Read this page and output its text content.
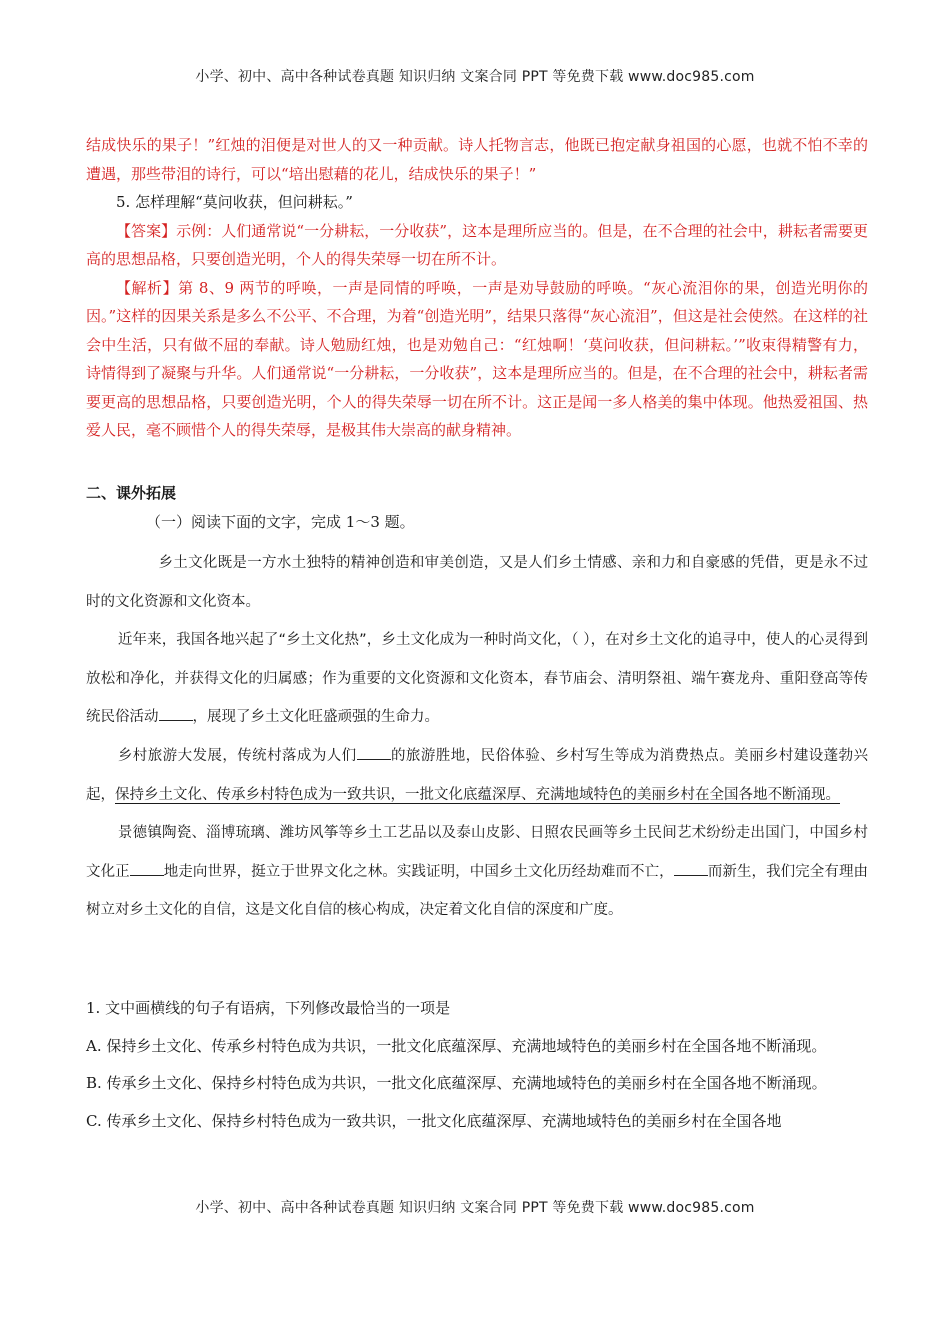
小学、初中、高中各种试卷真题 知识归纳 文案合同 PPT 等免费下载 www.doc985.com

结成快乐的果子！”红烛的泪便是对世人的又一种贡献。诗人托物言志，他既已抱定献身祖国的心愿，也就不怕不幸的遭遇，那些带泪的诗行，可以“培出慰藉的花儿，结成快乐的果子！”

5. 怎样理解“莫问收获，但问耕耘。”

【答案】示例：人们通常说“一分耕耘，一分收获”，这本是理所应当的。但是，在不合理的社会中，耕耘者需要更高的思想品格，只要创造光明，个人的得失荣辱一切在所不计。

【解析】第 8、9 两节的呼唤，一声是同情的呼唤，一声是劝导鼓励的呼唤。“灰心流泪你的果，创造光明你的因。”这样的因果关系是多么不公平、不合理，为着“创造光明”，结果只落得“灰心流泪”，但这是社会使然。在这样的社会中生活，只有做不屈的奉献。诗人勉励红烛，也是劝勉自己：“红烛啊！‘莫问收获，但问耕耘。’”收束得精警有力，诗情得到了凝聚与升华。人们通常说“一分耕耘，一分收获”，这本是理所应当的。但是，在不合理的社会中，耕耘者需要更高的思想品格，只要创造光明，个人的得失荣辱一切在所不计。这正是闻一多人格美的集中体现。他热爱祖国、热爱人民，毫不顾惜个人的得失荣辱，是极其伟大崇高的献身精神。

二、课外拓展

（一）阅读下面的文字，完成 1～3 题。

乡土文化既是一方水土独特的精神创造和审美创造，又是人们乡土情感、亲和力和自豪感的凭借，更是永不过时的文化资源和文化资本。

近年来，我国各地兴起了“乡土文化热”，乡土文化成为一种时尚文化，（ ），在对乡土文化的追寻中，使人的心灵得到放松和净化，并获得文化的归属感；作为重要的文化资源和文化资本，春节庙会、清明祭祖、端午赛龙舟、重阳登高等传统民俗活动 ，展现了乡土文化旺盛顽强的生命力。

乡村旅游大发展，传统村落成为人们 的旅游胜地，民俗体验、乡村写生等成为消费热点。美丽乡村建设蓬勃兴起，保持乡土文化、传承乡村特色成为一致共识，一批文化底蕴深厚、充满地域特色的美丽乡村在全国各地不断涌现。

景德镇陶瓷、淄博琉璃、潍坊风筝等乡土工艺品以及泰山皮影、日照农民画等乡土民间艺术纷纷走出国门，中国乡村文化正 地走向世界，挺立于世界文化之林。实践证明，中国乡土文化历经劫难而不亡， 而新生，我们完全有理由树立对乡土文化的自信，这是文化自信的核心构成，决定着文化自信的深度和广度。

1. 文中画横线的句子有语病，下列修改最恰当的一项是

A. 保持乡土文化、传承乡村特色成为共识，一批文化底蕴深厚、充满地域特色的美丽乡村在全国各地不断涌现。

B. 传承乡土文化、保持乡村特色成为共识，一批文化底蕴深厚、充满地域特色的美丽乡村在全国各地不断涌现。

C. 传承乡土文化、保持乡村特色成为一致共识，一批文化底蕴深厚、充满地域特色的美丽乡村在全国各地

小学、初中、高中各种试卷真题 知识归纳 文案合同 PPT 等免费下载 www.doc985.com
